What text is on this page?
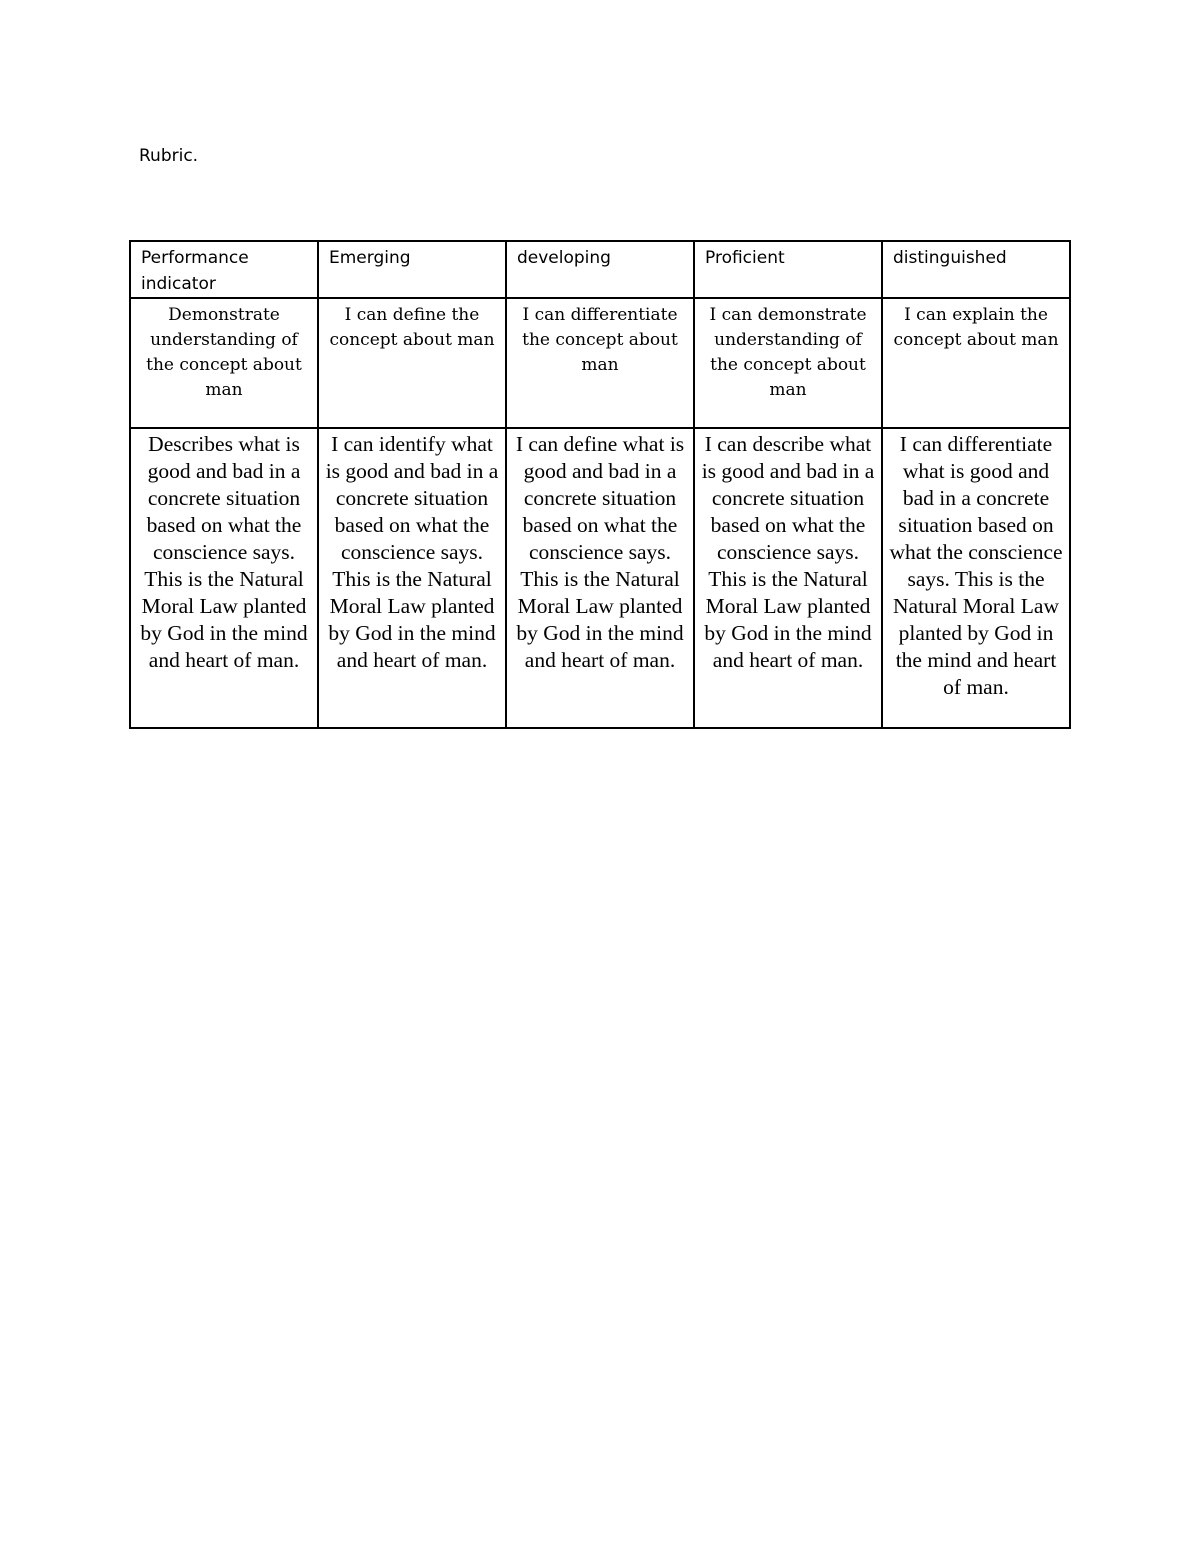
Rubric.
Performance indicator	Emerging	developing	Proficient	distinguished
Demonstrate understanding of the concept about man	I can define the concept about man	I can differentiate the concept about man	I can demonstrate understanding of the concept about man	I can explain the concept about man
Describes what is good and bad in a concrete situation based on what the conscience says. This is the Natural Moral Law planted by God in the mind and heart of man.	I can identify what is good and bad in a concrete situation based on what the conscience says. This is the Natural Moral Law planted by God in the mind and heart of man.	I can define what is good and bad in a concrete situation based on what the conscience says. This is the Natural Moral Law planted by God in the mind and heart of man.	I can describe what is good and bad in a concrete situation based on what the conscience says. This is the Natural Moral Law planted by God in the mind and heart of man.	I can differentiate what is good and bad in a concrete situation based on what the conscience says. This is the Natural Moral Law planted by God in the mind and heart of man.
